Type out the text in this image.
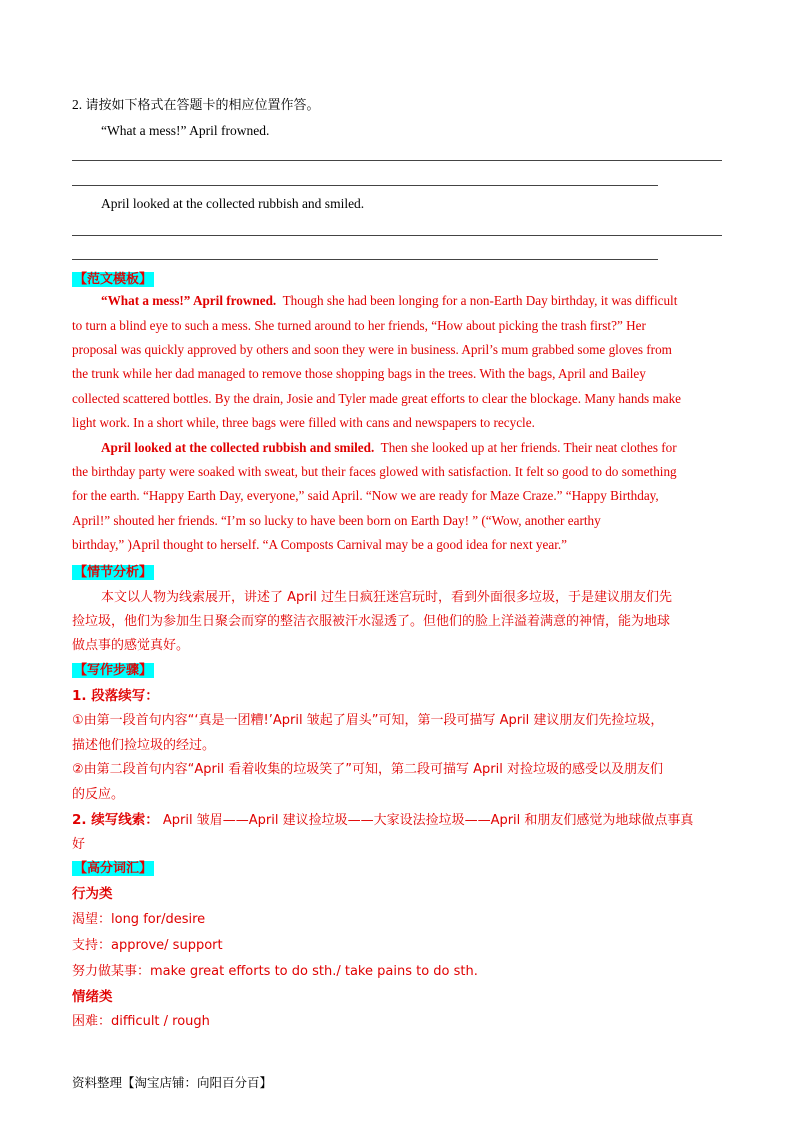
2. 请按如下格式在答题卡的相应位置作答。
“What a mess!” April frowned.
April looked at the collected rubbish and smiled.
【范文模板】
“What a mess!” April frowned. Though she had been longing for a non-Earth Day birthday, it was difficult
to turn a blind eye to such a mess. She turned around to her friends, “How about picking the trash first?” Her
proposal was quickly approved by others and soon they were in business. April’s mum grabbed some gloves from
the trunk while her dad managed to remove those shopping bags in the trees. With the bags, April and Bailey
collected scattered bottles. By the drain, Josie and Tyler made great efforts to clear the blockage. Many hands make
light work. In a short while, three bags were filled with cans and newspapers to recycle.
April looked at the collected rubbish and smiled. Then she looked up at her friends. Their neat clothes for
the birthday party were soaked with sweat, but their faces glowed with satisfaction. It felt so good to do something
for the earth. “Happy Earth Day, everyone,” said April. “Now we are ready for Maze Craze.” “Happy Birthday,
April!” shouted her friends. “I’m so lucky to have been born on Earth Day! ” (“Wow, another earthy
birthday,” )April thought to herself. “A Composts Carnival may be a good idea for next year.”
【情节分析】
本文以人物为线索展开，讲述了 April 过生日疯狂迷宫玩时，看到外面很多垃圾，于是建议朋友们先
捡垃圾，他们为参加生日聚会而穿的整洁衣服被汗水湿透了。但他们的脸上洋溢着满意的神情，能为地球
做点事的感觉真好。
【写作步骤】
1. 段落续写：
①由第一段首句内容“‘真是一团糟!’April 皱起了眉头”可知，第一段可描写 April 建议朋友们先捡垃圾，
描述他们捡垃圾的经过。
②由第二段首句内容“April 看着收集的垃圾笑了”可知，第二段可描写 April 对捡垃圾的感受以及朋友们
的反应。
2. 续写线索： April 皱眉——April 建议捡垃圾——大家设法捡垃圾——April 和朋友们感觉为地球做点事真
好
【高分词汇】
行为类
渴望：long for/desire
支持：approve/ support
努力做某事：make great efforts to do sth./ take pains to do sth.
情绪类
困难：difficult / rough
资料整理【淘宝店铺：向阳百分百】
